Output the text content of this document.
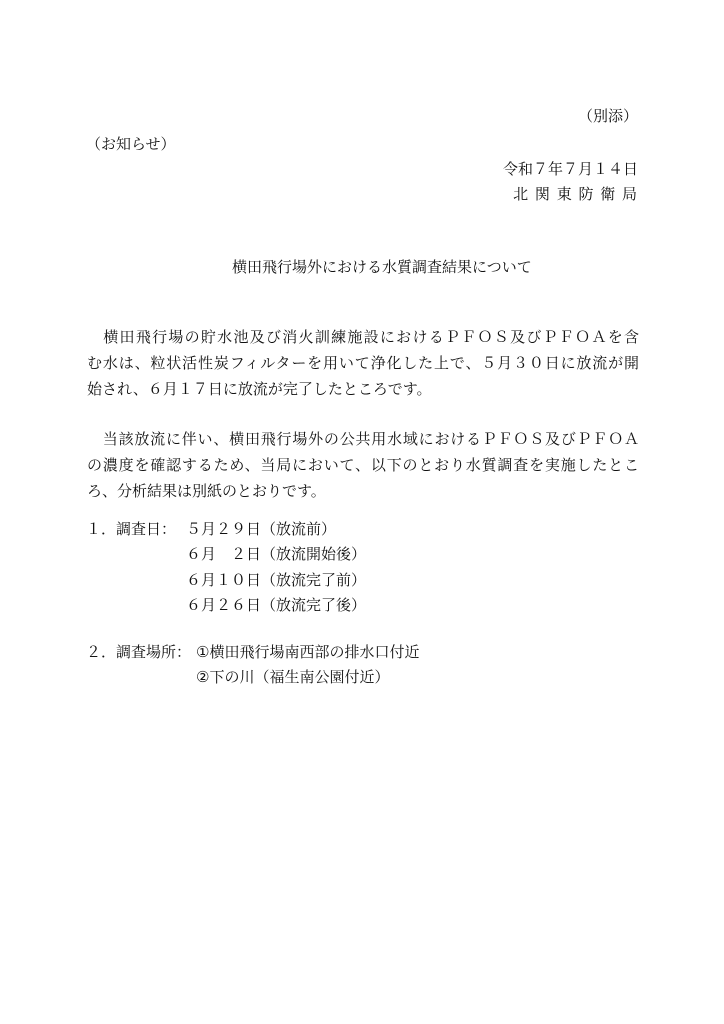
（別添）
（お知らせ）
令和７年７月１４日
北 関 東 防 衛 局
横田飛行場外における水質調査結果について
　横田飛行場の貯水池及び消火訓練施設におけるＰＦＯＳ及びＰＦＯＡを含
む水は、粒状活性炭フィルターを用いて浄化した上で、５月３０日に放流が開
始され、６月１７日に放流が完了したところです。
　当該放流に伴い、横田飛行場外の公共用水域におけるＰＦＯＳ及びＰＦＯＡ
の濃度を確認するため、当局において、以下のとおり水質調査を実施したとこ
ろ、分析結果は別紙のとおりです。
１．調査日： ５月２９日（放流前）
６月　２日（放流開始後）
６月１０日（放流完了前）
６月２６日（放流完了後）
２．調査場所： ①横田飛行場南西部の排水口付近
②下の川（福生南公園付近）
